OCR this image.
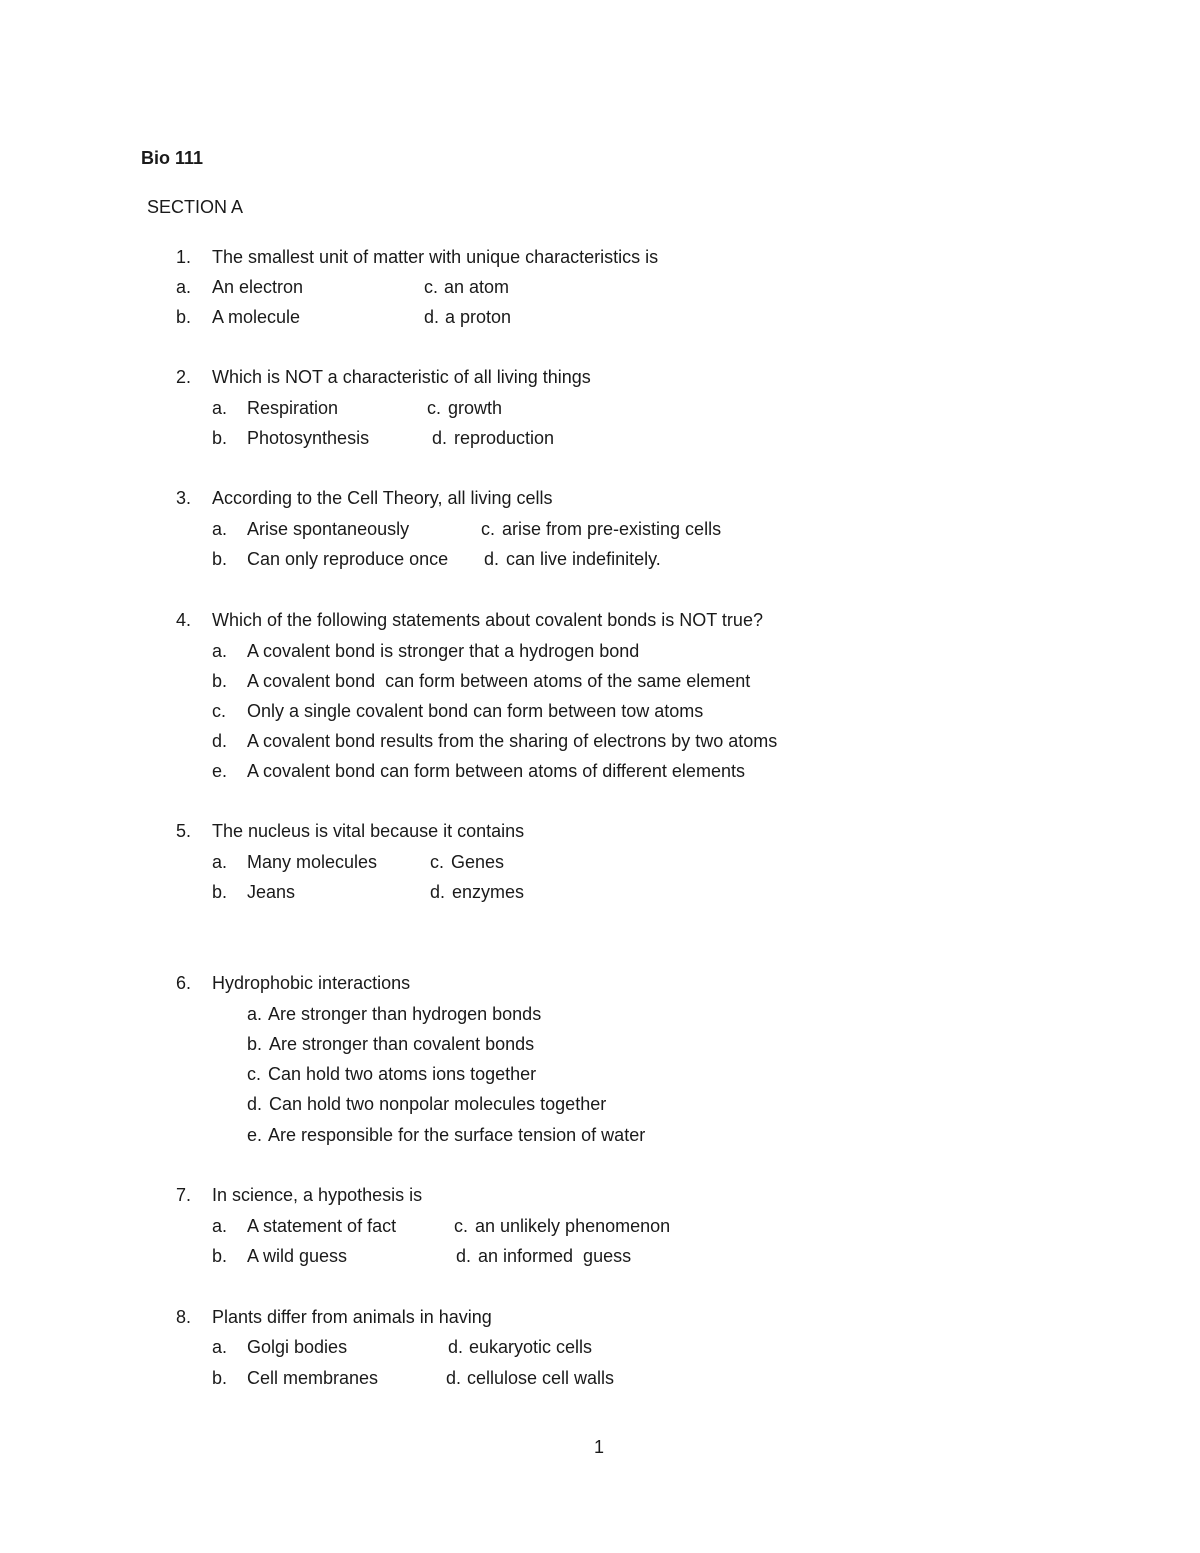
Bio 111
SECTION A
1. The smallest unit of matter with unique characteristics is
a. An electron	c. an atom
b. A molecule	d. a proton
2. Which is NOT a characteristic of all living things
a. Respiration	c. growth
b. Photosynthesis	d. reproduction
3. According to the Cell Theory, all living cells
a. Arise spontaneously	c. arise from pre-existing cells
b. Can only reproduce once d. can live indefinitely.
4. Which of the following statements about covalent bonds is NOT true?
a. A covalent bond is stronger that a hydrogen bond
b. A covalent bond  can form between atoms of the same element
c. Only a single covalent bond can form between tow atoms
d. A covalent bond results from the sharing of electrons by two atoms
e. A covalent bond can form between atoms of different elements
5. The nucleus is vital because it contains
a. Many molecules	c. Genes
b. Jeans	d. enzymes
6. Hydrophobic interactions
a. Are stronger than hydrogen bonds
b. Are stronger than covalent bonds
c. Can hold two atoms ions together
d. Can hold two nonpolar molecules together
e. Are responsible for the surface tension of water
7. In science, a hypothesis is
a. A statement of fact	c. an unlikely phenomenon
b. A wild guess	d. an informed  guess
8. Plants differ from animals in having
a. Golgi bodies	d. eukaryotic cells
b. Cell membranes	d. cellulose cell walls
1
